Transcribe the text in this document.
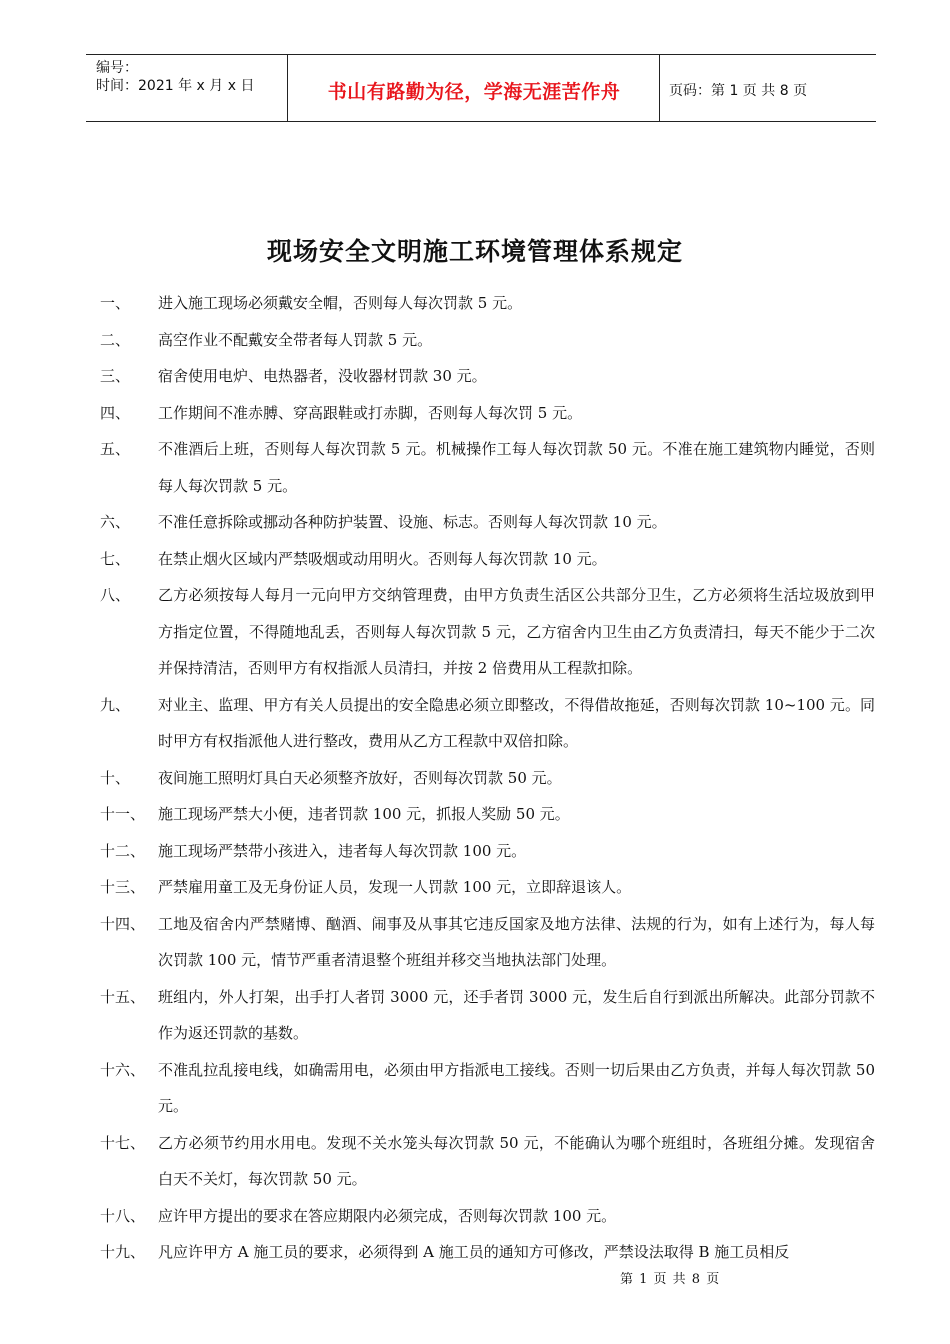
编号：
时间：2021 年 x 月 x 日	书山有路勤为径，学海无涯苦作舟	页码：第 1 页 共 8 页
现场安全文明施工环境管理体系规定
一、	进入施工现场必须戴安全帽，否则每人每次罚款 5 元。
二、	高空作业不配戴安全带者每人罚款 5 元。
三、	宿舍使用电炉、电热器者，没收器材罚款 30 元。
四、	工作期间不准赤膊、穿高跟鞋或打赤脚，否则每人每次罚 5 元。
五、	不准酒后上班，否则每人每次罚款 5 元。机械操作工每人每次罚款 50 元。不准在施工建筑物内睡觉，否则每人每次罚款 5 元。
六、	不准任意拆除或挪动各种防护装置、设施、标志。否则每人每次罚款 10 元。
七、	在禁止烟火区域内严禁吸烟或动用明火。否则每人每次罚款 10 元。
八、	乙方必须按每人每月一元向甲方交纳管理费，由甲方负责生活区公共部分卫生，乙方必须将生活垃圾放到甲方指定位置，不得随地乱丢，否则每人每次罚款 5 元，乙方宿舍内卫生由乙方负责清扫，每天不能少于二次并保持清洁，否则甲方有权指派人员清扫，并按 2 倍费用从工程款扣除。
九、	对业主、监理、甲方有关人员提出的安全隐患必须立即整改，不得借故拖延，否则每次罚款 10~100 元。同时甲方有权指派他人进行整改，费用从乙方工程款中双倍扣除。
十、	夜间施工照明灯具白天必须整齐放好，否则每次罚款 50 元。
十一、 施工现场严禁大小便，违者罚款 100 元，抓报人奖励 50 元。
十二、 施工现场严禁带小孩进入，违者每人每次罚款 100 元。
十三、 严禁雇用童工及无身份证人员，发现一人罚款 100 元，立即辞退该人。
十四、 工地及宿舍内严禁赌博、酗酒、闹事及从事其它违反国家及地方法律、法规的行为，如有上述行为，每人每次罚款 100 元，情节严重者清退整个班组并移交当地执法部门处理。
十五、 班组内，外人打架，出手打人者罚 3000 元，还手者罚 3000 元，发生后自行到派出所解决。此部分罚款不作为返还罚款的基数。
十六、 不准乱拉乱接电线，如确需用电，必须由甲方指派电工接线。否则一切后果由乙方负责，并每人每次罚款 50 元。
十七、 乙方必须节约用水用电。发现不关水笼头每次罚款 50 元，不能确认为哪个班组时，各班组分摊。发现宿舍白天不关灯，每次罚款 50 元。
十八、 应许甲方提出的要求在答应期限内必须完成，否则每次罚款 100 元。
十九、 凡应许甲方 A 施工员的要求，必须得到 A 施工员的通知方可修改，严禁设法取得 B 施工员相反
第 1 页 共 8 页
